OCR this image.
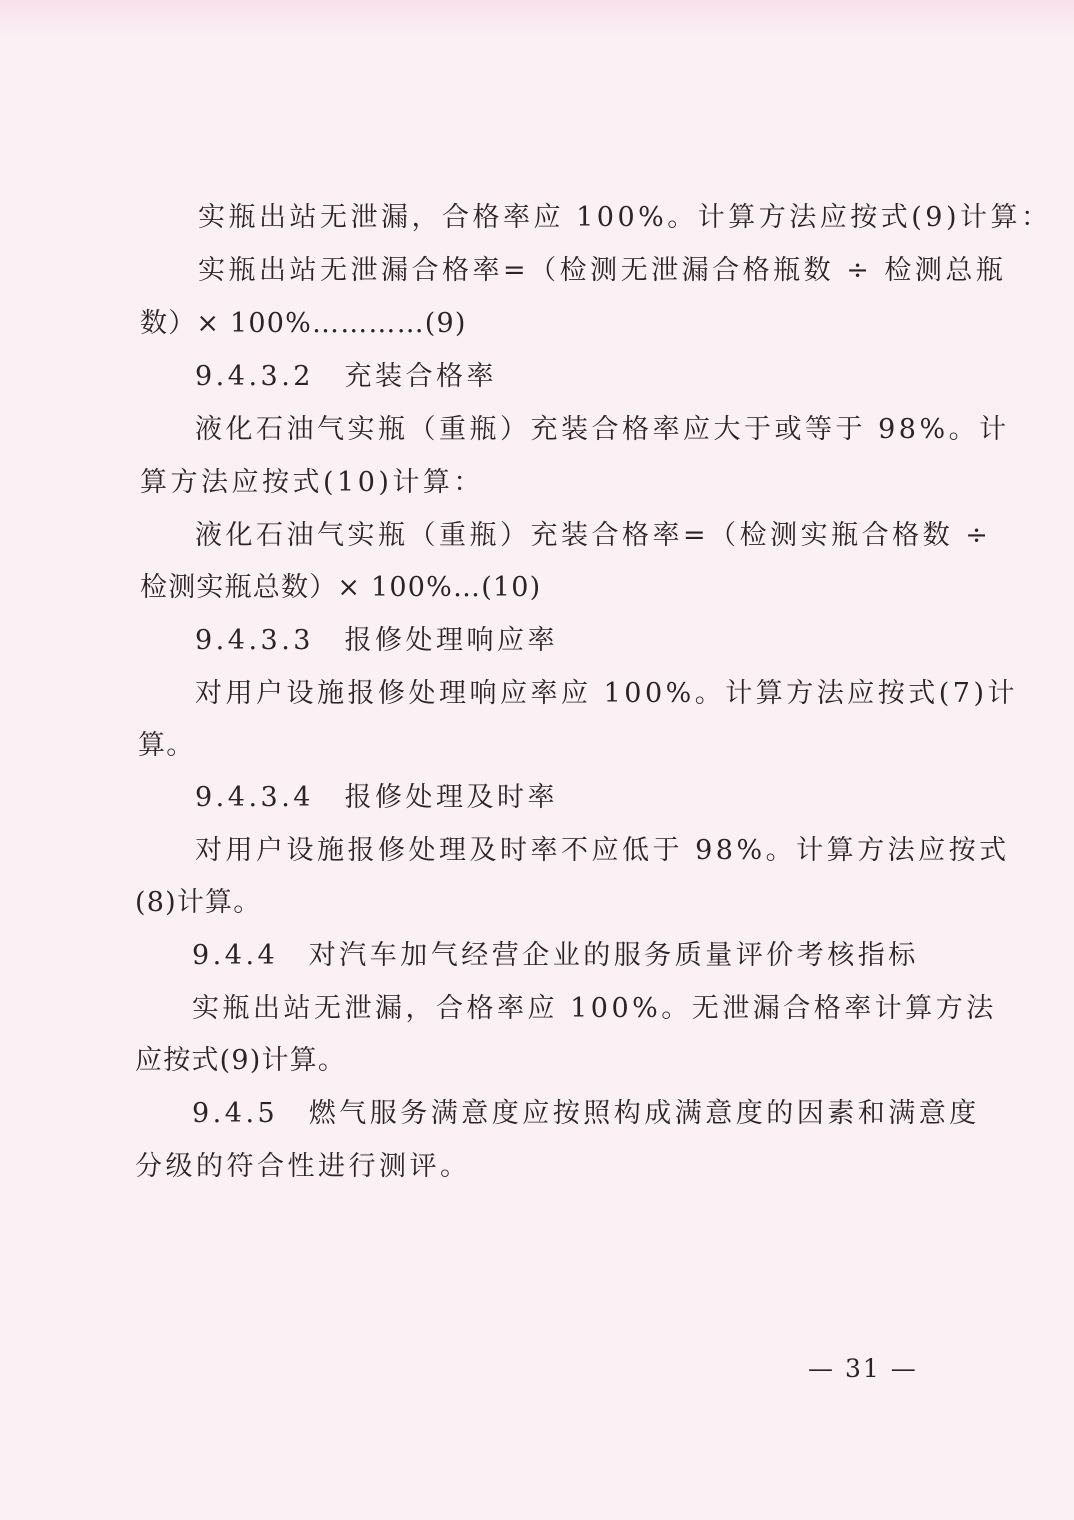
实瓶出站无泄漏，合格率应 100%。计算方法应按式(9)计算：
实瓶出站无泄漏合格率=（检测无泄漏合格瓶数 ÷ 检测总瓶
数）× 100%…………(9)
9.4.3.2　充装合格率
液化石油气实瓶（重瓶）充装合格率应大于或等于 98%。计
算方法应按式(10)计算：
液化石油气实瓶（重瓶）充装合格率=（检测实瓶合格数 ÷
检测实瓶总数）× 100%…(10)
9.4.3.3　报修处理响应率
对用户设施报修处理响应率应 100%。计算方法应按式(7)计
算。
9.4.3.4　报修处理及时率
对用户设施报修处理及时率不应低于 98%。计算方法应按式
(8)计算。
9.4.4　对汽车加气经营企业的服务质量评价考核指标
实瓶出站无泄漏，合格率应 100%。无泄漏合格率计算方法
应按式(9)计算。
9.4.5　燃气服务满意度应按照构成满意度的因素和满意度
分级的符合性进行测评。
— 31 —
